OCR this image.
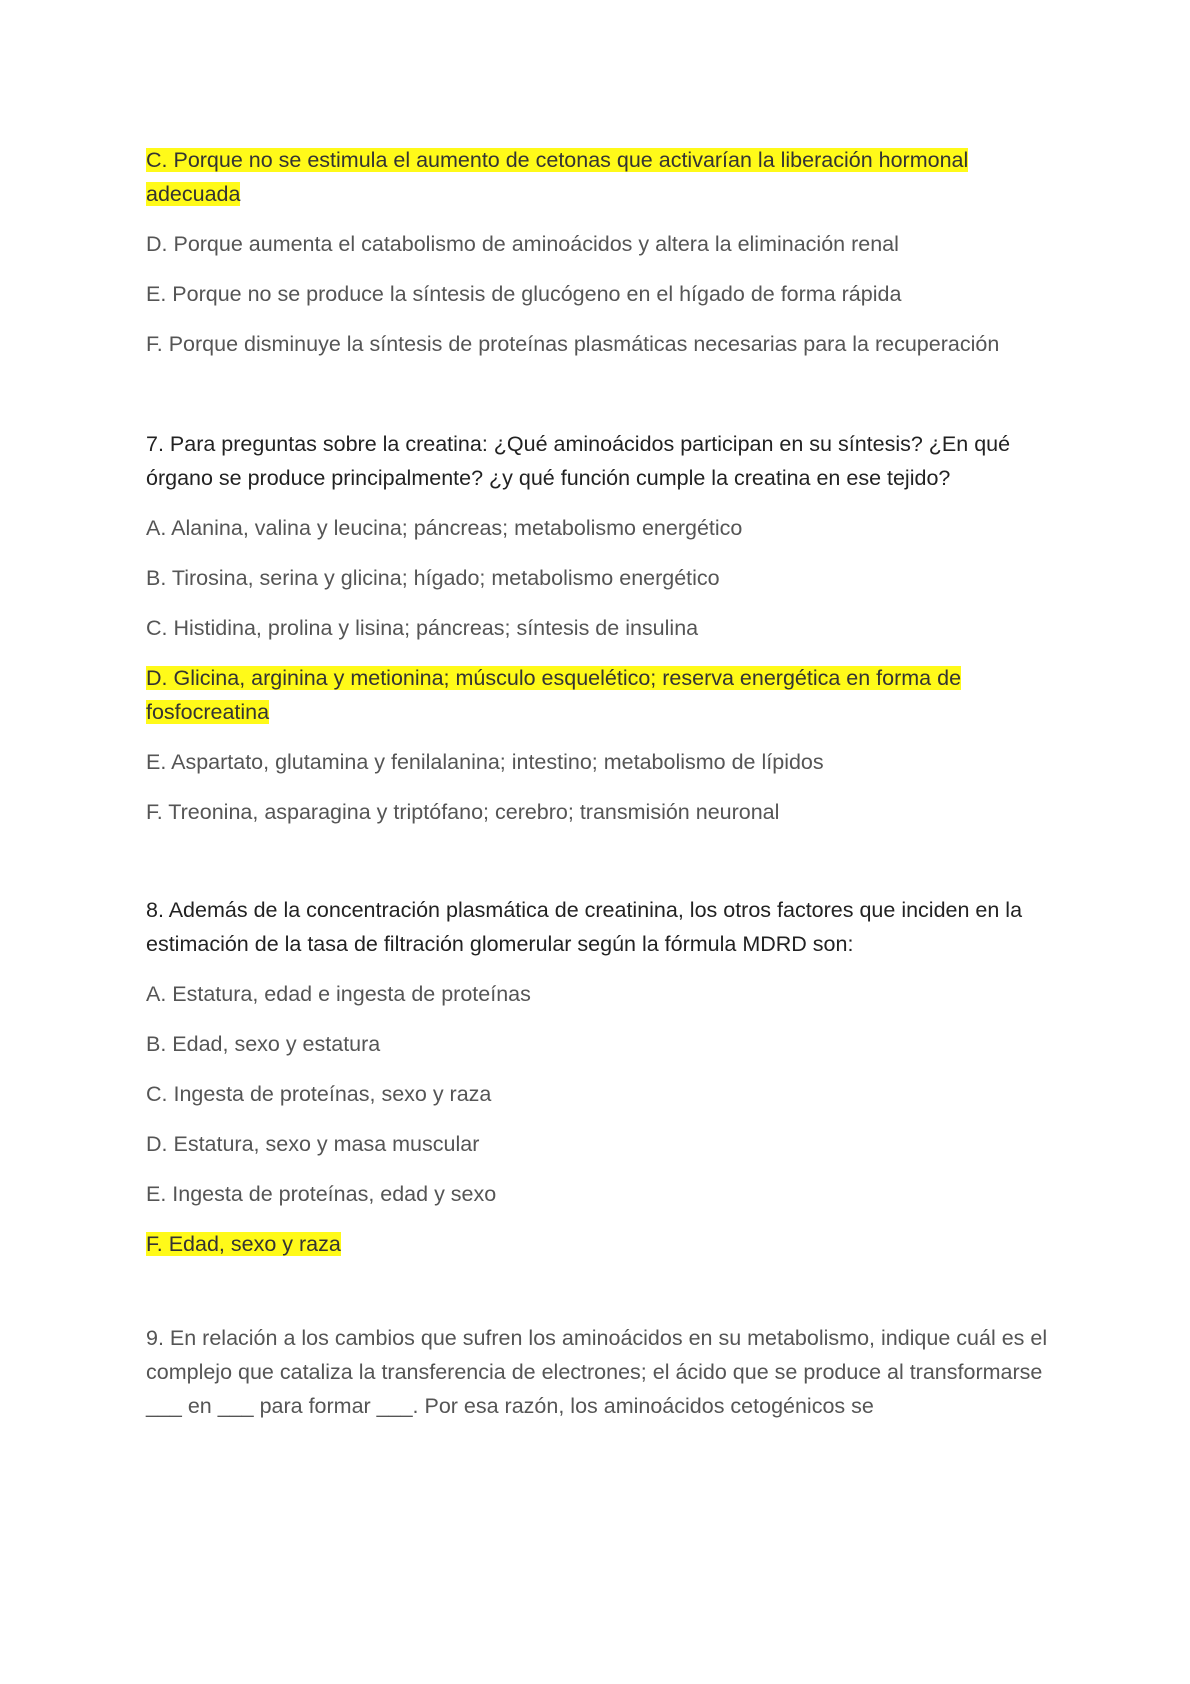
C. Porque no se estimula el aumento de cetonas que activarían la liberación hormonal adecuada
D. Porque aumenta el catabolismo de aminoácidos y altera la eliminación renal
E. Porque no se produce la síntesis de glucógeno en el hígado de forma rápida
F. Porque disminuye la síntesis de proteínas plasmáticas necesarias para la recuperación
7. Para preguntas sobre la creatina: ¿Qué aminoácidos participan en su síntesis? ¿En qué órgano se produce principalmente? ¿y qué función cumple la creatina en ese tejido?
A. Alanina, valina y leucina; páncreas; metabolismo energético
B. Tirosina, serina y glicina; hígado; metabolismo energético
C. Histidina, prolina y lisina; páncreas; síntesis de insulina
D. Glicina, arginina y metionina; músculo esquelético; reserva energética en forma de fosfocreatina
E. Aspartato, glutamina y fenilalanina; intestino; metabolismo de lípidos
F. Treonina, asparagina y triptófano; cerebro; transmisión neuronal
8. Además de la concentración plasmática de creatinina, los otros factores que inciden en la estimación de la tasa de filtración glomerular según la fórmula MDRD son:
A. Estatura, edad e ingesta de proteínas
B. Edad, sexo y estatura
C. Ingesta de proteínas, sexo y raza
D. Estatura, sexo y masa muscular
E. Ingesta de proteínas, edad y sexo
F. Edad, sexo y raza
9. En relación a los cambios que sufren los aminoácidos en su metabolismo, indique cuál es el complejo que cataliza la transferencia de electrones; el ácido que se produce al transformarse ___ en ___ para formar ___. Por esa razón, los aminoácidos cetogénicos se
